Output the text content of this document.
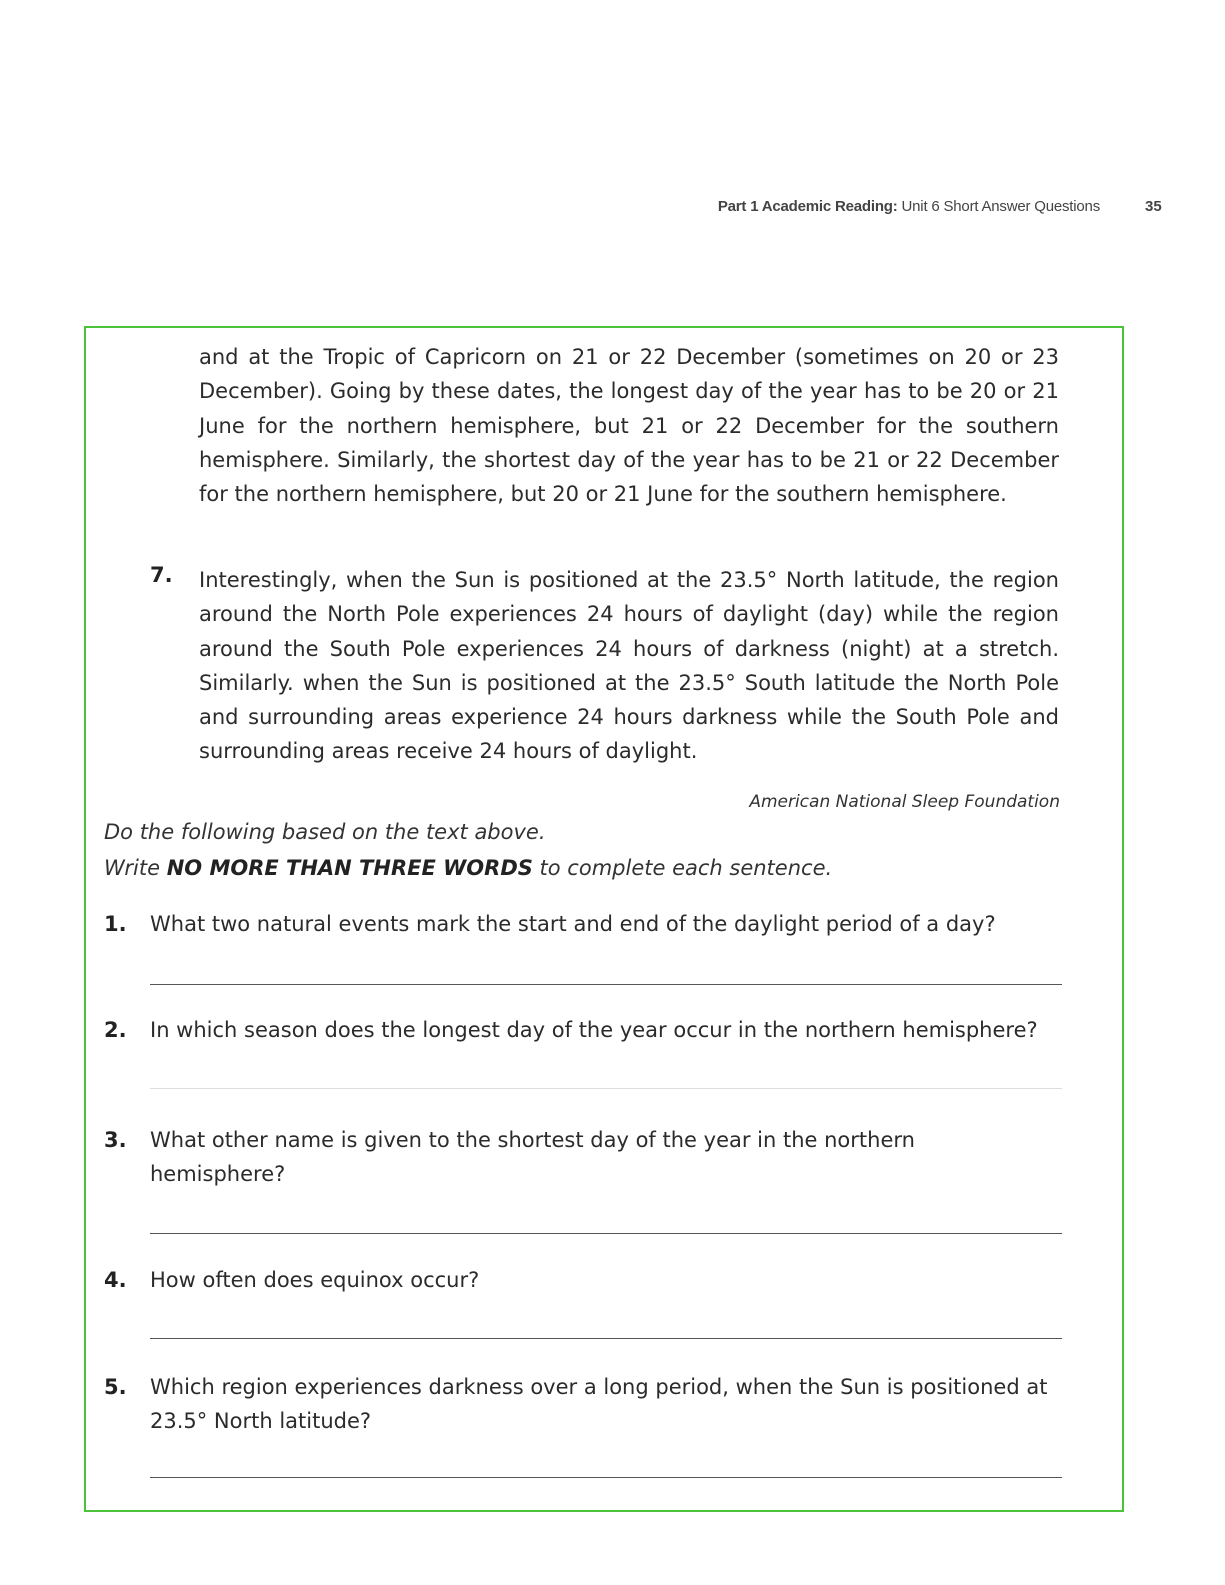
Part 1 Academic Reading: Unit 6 Short Answer Questions	35
and at the Tropic of Capricorn on 21 or 22 December (sometimes on 20 or 23 December). Going by these dates, the longest day of the year has to be 20 or 21 June for the northern hemisphere, but 21 or 22 December for the southern hemisphere. Similarly, the shortest day of the year has to be 21 or 22 December for the northern hemisphere, but 20 or 21 June for the southern hemisphere.
7. Interestingly, when the Sun is positioned at the 23.5° North latitude, the region around the North Pole experiences 24 hours of daylight (day) while the region around the South Pole experiences 24 hours of darkness (night) at a stretch. Similarly. when the Sun is positioned at the 23.5° South latitude the North Pole and surrounding areas experience 24 hours darkness while the South Pole and surrounding areas receive 24 hours of daylight.
American National Sleep Foundation
Do the following based on the text above.
Write NO MORE THAN THREE WORDS to complete each sentence.
1. What two natural events mark the start and end of the daylight period of a day?
2. In which season does the longest day of the year occur in the northern hemisphere?
3. What other name is given to the shortest day of the year in the northern hemisphere?
4. How often does equinox occur?
5. Which region experiences darkness over a long period, when the Sun is positioned at 23.5° North latitude?
